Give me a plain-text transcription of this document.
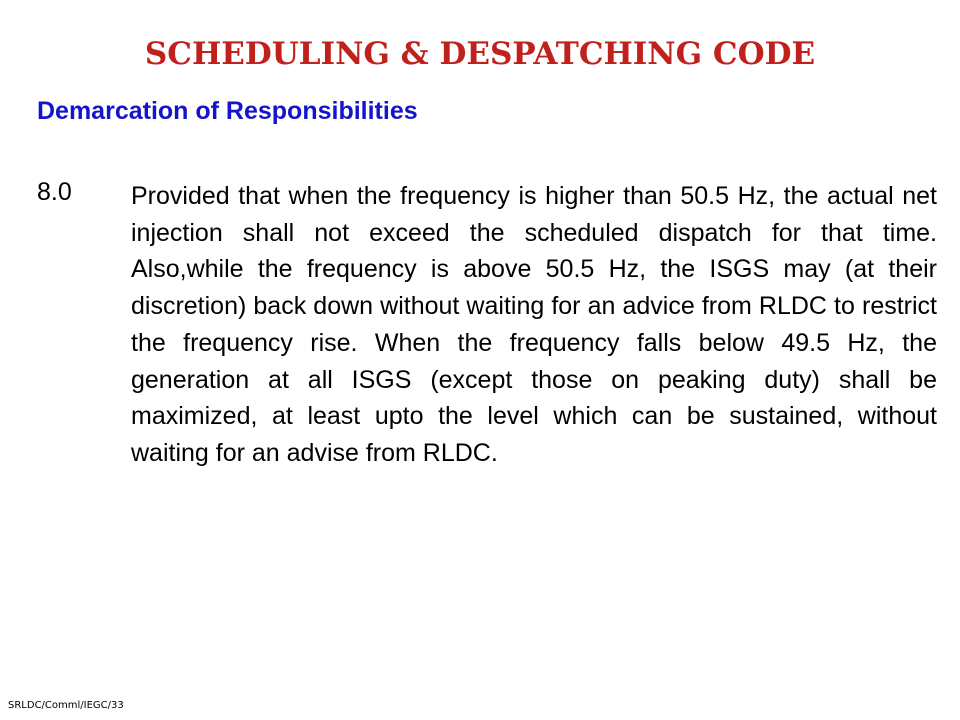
SCHEDULING & DESPATCHING CODE
Demarcation of Responsibilities
8.0 Provided that when the frequency is higher than 50.5 Hz, the actual net injection shall not exceed the scheduled dispatch for that time. Also,while the frequency is above 50.5 Hz, the ISGS may (at their discretion) back down without waiting for an advice from RLDC to restrict the frequency rise. When the frequency falls below 49.5 Hz, the generation at all ISGS (except those on peaking duty) shall be maximized, at least upto the level which can be sustained, without waiting for an advise from RLDC.
SRLDC/Comml/IEGC/33
